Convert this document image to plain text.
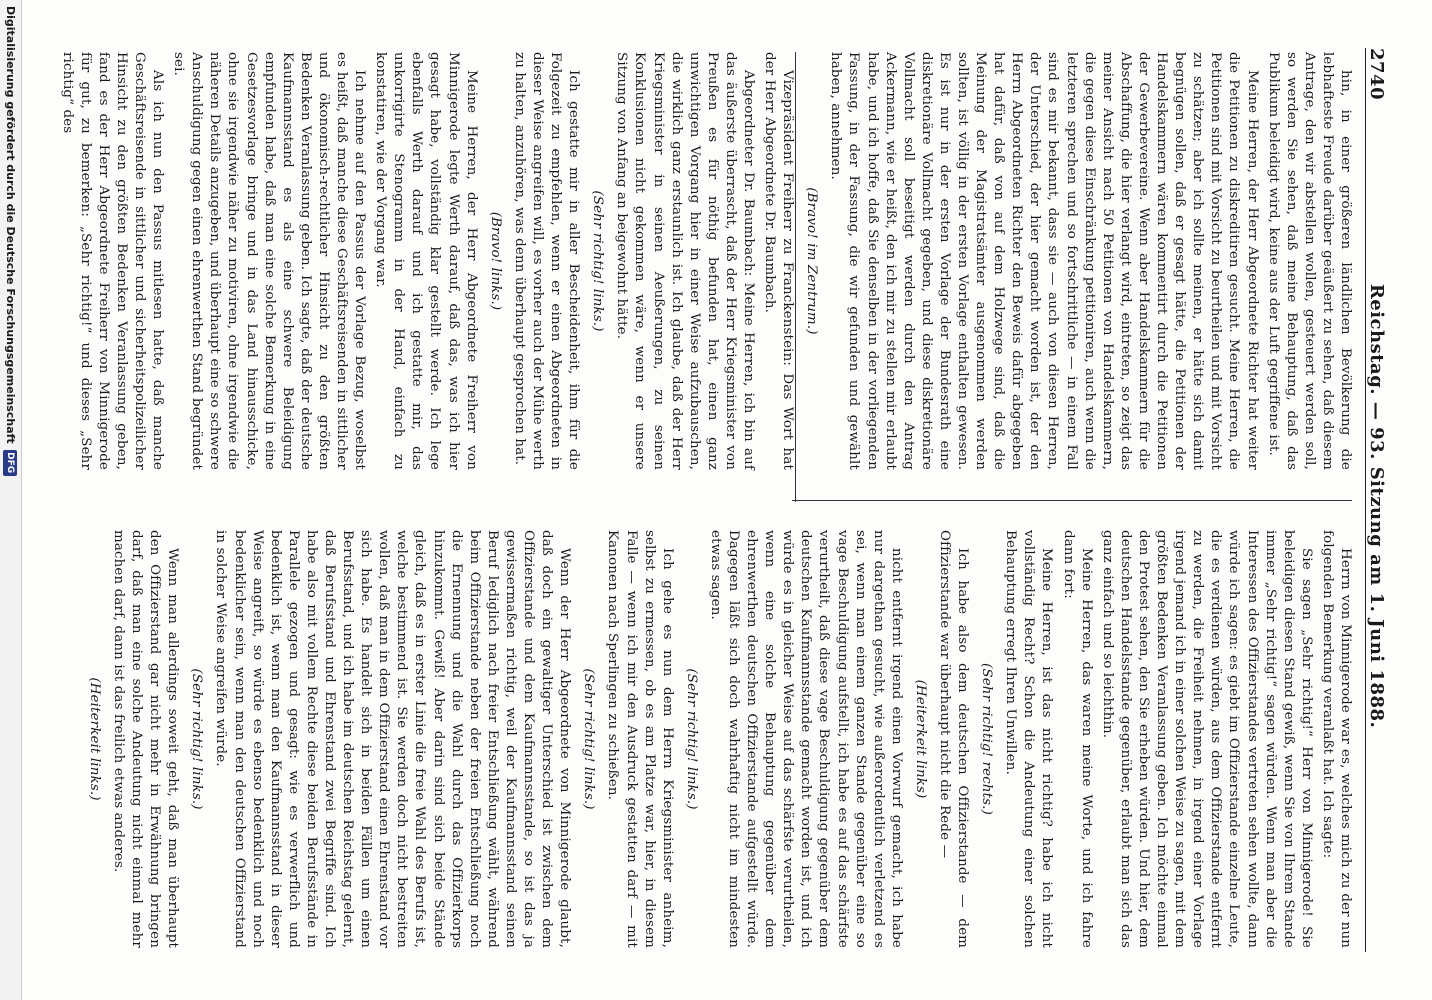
2740
Reichstag. — 93. Sitzung am 1. Juni 1888.

hin, in einer größeren ländlichen Bevölkerung die lebhafteste Freude darüber geäußert zu sehen, daß diesem Antrage, den wir abstellen wollen, gesteuert werden soll, so werden Sie sehen, daß meine Behauptung, daß das Publikum beleidigt wird, keine aus der Luft gegriffene ist.

Meine Herren, der Herr Abgeordnete Richter hat weiter die Petitionen zu diskreditiren gesucht. Meine Herren, die Petitionen sind mit Vorsicht zu beurtheilen und mit Vorsicht zu schätzen; aber ich sollte meinen, er hätte sich damit begnügen sollen, daß er gesagt hätte, die Petitionen der Handelskammern wären kommentirt durch die Petitionen der Gewerbevereine. Wenn aber Handelskammern für die Abschaffung, die hier verlangt wird, eintreten, so zeigt das meiner Ansicht nach 50 Petitionen von Handelskammern, die gegen diese Einschränkung petitioniren, auch wenn die letzteren sprechen und so fortschrittliche — in einem Fall sind es mir bekannt, dass sie — auch von diesen Herren, der Unterschied, der hier gemacht worden ist, der den Herrn Abgeordneten Richter den Beweis dafür abgegeben hat dafür, daß von auf dem Holzwege sind, daß die Meinung der Magistratsämter ausgenommen werden sollten, ist völlig in der ersten Vorlage enthalten gewesen. Es ist nur in der ersten Vorlage der Bundesrath eine diskretionäre Vollmacht gegeben, und diese diskretionäre Vollmacht soll beseitigt werden durch den Antrag Ackermann, wie er heißt, den ich mir zu stellen mir erlaubt habe, und ich hoffe, daß Sie denselben in der vorliegenden Fassung, in der Fassung, die wir gefunden und gewählt haben, annehmen.

(Bravo! im Zentrum.)

Vizepräsident Freiherr zu Franckenstein: Das Wort hat der Herr Abgeordnete Dr. Baumbach.

Abgeordneter Dr. Baumbach: Meine Herren, ich bin auf das äußerste überrascht, daß der Herr Kriegsminister von Preußen es für nöthig befunden hat, einen ganz unwichtigen Vorgang hier in einer Weise aufzubauschen, die wirklich ganz erstaunlich ist. Ich glaube, daß der Herr Kriegsminister in seinen Aeußerungen, zu seinen Konklusionen nicht gekommen wäre, wenn er unsere Sitzung von Anfang an beigewohnt hätte.

(Sehr richtig! links.)

Ich gestatte mir in aller Bescheidenheit, ihm für die Folgezeit zu empfehlen, wenn er einen Abgeordneten in dieser Weise angreifen will, es vorher auch der Mühe werth zu halten, anzuhören, was denn überhaupt gesprochen hat.

(Bravo! links.)

Meine Herren, der Herr Abgeordnete Freiherr von Minnigerode legte Werth darauf, daß das, was ich hier gesagt habe, vollständig klar gestellt werde. Ich lege ebenfalls Werth darauf und ich gestatte mir, das unkorrigirte Stenogramm in der Hand, einfach zu konstatiren, wie der Vorgang war.

Ich nehme auf den Passus der Vorlage Bezug, woselbst es heißt, daß manche diese Geschäftsreisenden in sittlicher und ökonomisch-rechtlicher Hinsicht zu den größten Bedenken Veranlassung geben. Ich sagte, daß der deutsche Kaufmannsstand es als eine schwere Beleidigung empfunden habe, daß man eine solche Bemerkung in eine Gesetzesvorlage bringe und in das Land hinausschicke, ohne sie irgendwie näher zu motiviren, ohne irgendwie die näheren Details anzugeben, und überhaupt eine so schwere Anschuldigung gegen einen ehrenwerthen Stand begründet sei.

Als ich nun den Passus mitlesen hatte, daß manche Geschäftsreisende in sittlicher und sicherheitspolizeilicher Hinsicht zu den größten Bedenken Veranlassung geben, fand es der Herr Abgeordnete Freiherr von Minnigerode für gut, zu bemerken: „Sehr richtig!“ und dieses „Sehr richtig“ des

Herrn von Minnigerode war es, welches mich zu der nun folgenden Bemerkung veranlaßt hat. Ich sagte:

Sie sagen „Sehr richtig!“ Herr von Minnigerode! Sie beleidigen diesen Stand gewiß, wenn Sie von Ihrem Stande immer „Sehr richtig!“ sagen würden. Wenn man aber die Interessen des Offizierstandes vertreten sehen wollte, dann würde ich sagen: es giebt im Offizierstande einzelne Leute, die es verdienen würden, aus dem Offizierstande entfernt zu werden, die Freiheit nehmen, in irgend einer Vorlage irgend jemand ich in einer solchen Weise zu sagen, mit dem größten Bedenken Veranlassung geben. Ich möchte einmal den Protest sehen, den Sie erheben würden. Und hier, dem deutschen Handelsstande gegenüber, erlaubt man sich das ganz einfach und so leichthin.

Meine Herren, das waren meine Worte, und ich fahre dann fort:

Meine Herren, ist das nicht richtig? habe ich nicht vollständig Recht? Schon die Andeutung einer solchen Behauptung erregt Ihren Unwillen.

(Sehr richtig! rechts.)

Ich habe also dem deutschen Offizierstande — dem Offizierstande war überhaupt nicht die Rede —

(Heiterkeit links)

nicht entfernt irgend einen Vorwurf gemacht, ich habe nur dargethan gesucht, wie außerordentlich verletzend es sei, wenn man einem ganzen Stande gegenüber eine so vage Beschuldigung aufstellt, ich habe es auf das schärfste verurtheilt, daß diese vage Beschuldigung gegenüber dem deutschen Kaufmannsstande gemacht worden ist, und ich würde es in gleicher Weise auf das schärfste verurtheilen, wenn eine solche Behauptung gegenüber dem ehrenwerthen deutschen Offizierstande aufgestellt würde. Dagegen läßt sich doch wahrhaftig nicht im mindesten etwas sagen.

(Sehr richtig! links.)

Ich gehe es nun dem Herrn Kriegsminister anheim, selbst zu ermessen, ob es am Platze war, hier, in diesem Falle — wenn ich mir den Ausdruck gestatten darf — mit Kanonen nach Sperlingen zu schießen.

(Sehr richtig! links.)

Wenn der Herr Abgeordnete von Minnigerode glaubt, daß doch ein gewaltiger Unterschied ist zwischen dem Offizierstande und dem Kaufmannsstande, so ist das ja gewissermaßen richtig, weil der Kaufmannsstand seinen Beruf lediglich nach freier Entschließung wählt, während beim Offizierstande neben der freien Entschließung noch die Ernennung und die Wahl durch das Offizierkorps hinzukommt. Gewiß! Aber darin sind sich beide Stände gleich, daß es in erster Linie die freie Wahl des Berufs ist, welche bestimmend ist. Sie werden doch nicht bestreiten wollen, daß man in dem Offizierstand einen Ehrenstand vor sich habe. Es handelt sich in beiden Fällen um einen Berufsstand, und ich habe im deutschen Reichstag gelernt, daß Berufsstand und Ehrenstand zwei Begriffe sind. Ich habe also mit vollem Rechte diese beiden Berufsstände in Parallele gezogen und gesagt: wie es verwerflich und bedenklich ist, wenn man den Kaufmannsstand in dieser Weise angreift, so würde es ebenso bedenklich und noch bedenklicher sein, wenn man den deutschen Offizierstand in solcher Weise angreifen würde.

(Sehr richtig! links.)

Wenn man allerdings soweit geht, daß man überhaupt den Offizierstand gar nicht mehr in Erwähnung bringen darf, daß man eine solche Andeutung nicht einmal mehr machen darf, dann ist das freilich etwas anderes.

(Heiterkeit links.)

Digitalisierung gefördert durch die Deutsche Forschungsgemeinschaft
DFG
